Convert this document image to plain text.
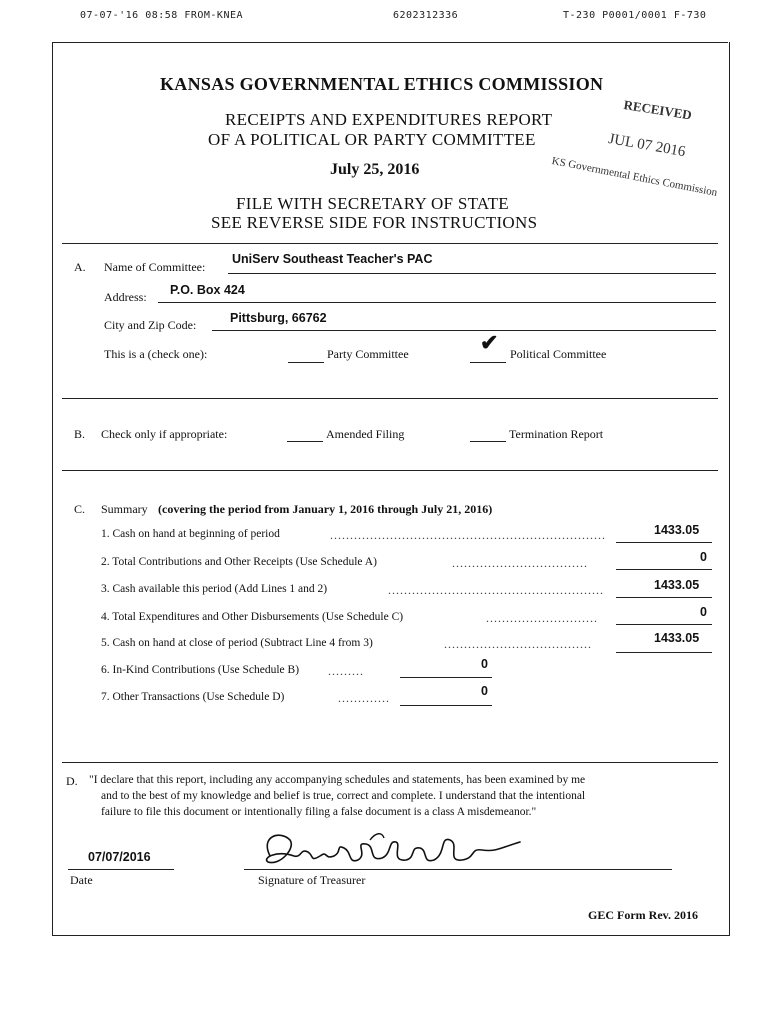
07-07-'16 08:58 FROM-KNEA	6202312336	T-230 P0001/0001 F-730
KANSAS GOVERNMENTAL ETHICS COMMISSION
RECEIPTS AND EXPENDITURES REPORT
OF A POLITICAL OR PARTY COMMITTEE
July 25, 2016
FILE WITH SECRETARY OF STATE
SEE REVERSE SIDE FOR INSTRUCTIONS
RECEIVED
JUL 07 2016
KS Governmental Ethics Commission
A. Name of Committee:
UniServ Southeast Teacher's PAC
Address: P.O. Box 424
City and Zip Code:	Pittsburg, 66762
This is a (check one):	Party Committee	✔ Political Committee
B. Check only if appropriate:	Amended Filing	Termination Report
C. Summary (covering the period from January 1, 2016 through July 21, 2016)
1. Cash on hand at beginning of period	1433.05
2. Total Contributions and Other Receipts (Use Schedule A)	0
3. Cash available this period (Add Lines 1 and 2)	1433.05
4. Total Expenditures and Other Disbursements (Use Schedule C)	0
5. Cash on hand at close of period (Subtract Line 4 from 3)	1433.05
.....................................................................
..................................
......................................................
............................
.....................................
6. In-Kind Contributions (Use Schedule B) .........	0
7. Other Transactions (Use Schedule D)	.............	0
D. "I declare that this report, including any accompanying schedules and statements, has been examined by me
and to the best of my knowledge and belief is true, correct and complete. I understand that the intentional
failure to file this document or intentionally filing a false document is a class A misdemeanor."
07/07/2016
Date	Signature of Treasurer
GEC Form Rev. 2016
